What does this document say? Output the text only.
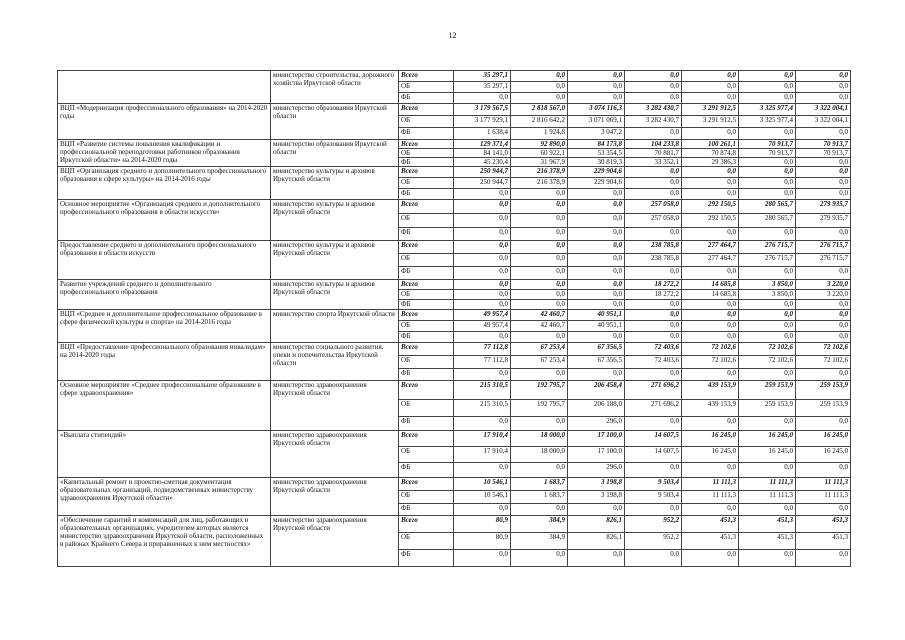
12
	министерство строительства, дорожного хозяйства Иркутской области	Всего	35 297,1	0,0	0,0	0,0	0,0	0,0	0,0
		ОБ	35 297,1	0,0	0,0	0,0	0,0	0,0	0,0
		ФБ	0,0	0,0	0,0	0,0	0,0	0,0	0,0
ВЦП «Модернизация профессионального образования» на 2014-2020 годы	министерство образования Иркутской области	Всего	3 179 567,5	2 818 567,0	3 074 116,3	3 282 430,7	3 291 912,5	3 325 977,4	3 322 004,1
		ОБ	3 177 929,1	2 816 642,2	3 071 069,1	3 282 430,7	3 291 912,5	3 325 977,4	3 322 004,1
		ФБ	1 638,4	1 924,8	3 047,2	0,0	0,0	0,0	0,0
ВЦП «Развитие системы повышения квалификации и профессиональной переподготовки работников образования Иркутской области» на 2014-2020 годы	министерство образования Иркутской области	Всего	129 371,4	92 890,0	84 173,8	104 233,8	100 261,1	70 913,7	70 913,7
		ОБ	84 141,0	60 922,1	53 354,5	70 881,7	70 874,8	70 913,7	70 913,7
		ФБ	45 230,4	31 967,9	30 819,3	33 352,1	29 386,3	0,0	0,0
ВЦП «Организация среднего и дополнительного профессионального образования в сфере культуры» на 2014-2016 годы	министерство культуры и архивов Иркутской области	Всего	250 944,7	216 378,9	229 904,6	0,0	0,0	0,0	0,0
		ОБ	250 944,7	216 378,9	229 904,6	0,0	0,0	0,0	0,0
		ФБ	0,0	0,0	0,0	0,0	0,0	0,0	0,0
Основное мероприятие «Организация среднего и дополнительного профессионального образования в области искусств»	министерство культуры и архивов Иркутской области	Всего	0,0	0,0	0,0	257 058,0	292 150,5	280 565,7	279 935,7
		ОБ	0,0	0,0	0,0	257 058,0	292 150,5	280 565,7	279 935,7
		ФБ	0,0	0,0	0,0	0,0	0,0	0,0	0,0
Предоставление среднего и дополнительного профессионального образования в области искусств	министерство культуры и архивов Иркутской области	Всего	0,0	0,0	0,0	238 785,8	277 464,7	276 715,7	276 715,7
		ОБ	0,0	0,0	0,0	238 785,8	277 464,7	276 715,7	276 715,7
		ФБ	0,0	0,0	0,0	0,0	0,0	0,0	0,0
Развитие учреждений среднего и дополнительного профессионального образования	министерство культуры и архивов Иркутской области	Всего	0,0	0,0	0,0	18 272,2	14 685,8	3 850,0	3 220,0
		ОБ	0,0	0,0	0,0	18 272,2	14 685,8	3 850,0	3 220,0
		ФБ	0,0	0,0	0,0	0,0	0,0	0,0	0,0
ВЦП «Среднее и дополнительное профессиональное образование в сфере физической культуры и спорта» на 2014-2016 годы	министерство спорта Иркутской области	Всего	49 957,4	42 460,7	40 951,1	0,0	0,0	0,0	0,0
		ОБ	49 957,4	42 460,7	40 951,1	0,0	0,0	0,0	0,0
		ФБ	0,0	0,0	0,0	0,0	0,0	0,0	0,0
ВЦП «Предоставление профессионального образования инвалидам» на 2014-2020 годы	министерство социального развития, опеки и попечительства Иркутской области	Всего	77 112,8	67 253,4	67 356,5	72 403,6	72 102,6	72 102,6	72 102,6
		ОБ	77 112,8	67 253,4	67 356,5	72 403,6	72 102,6	72 102,6	72 102,6
		ФБ	0,0	0,0	0,0	0,0	0,0	0,0	0,0
Основное мероприятие «Среднее профессиональное образование в сфере здравоохранения»	министерство здравоохранения Иркутской области	Всего	215 310,5	192 795,7	206 458,4	271 696,2	439 153,9	259 153,9	259 153,9
		ОБ	215 310,5	192 795,7	206 188,0	271 696,2	439 153,9	259 153,9	259 153,9
		ФБ	0,0	0,0	296,0	0,0	0,0	0,0	0,0
«Выплата стипендий»	министерство здравоохранения Иркутской области	Всего	17 910,4	18 000,0	17 100,0	14 607,5	16 245,0	16 245,0	16 245,0
		ОБ	17 910,4	18 000,0	17 100,0	14 607,5	16 245,0	16 245,0	16 245,0
		ФБ	0,0	0,0	296,0	0,0	0,0	0,0	0,0
«Капитальный ремонт и проектно-сметная документация образовательных организаций, подведомственных министерству здравоохранения Иркутской области»	министерство здравоохранения Иркутской области	Всего	10 546,1	1 683,7	3 198,8	9 503,4	11 111,3	11 111,3	11 111,3
		ОБ	10 546,1	1 683,7	3 198,8	9 503,4	11 111,3	11 111,3	11 111,3
		ФБ	0,0	0,0	0,0	0,0	0,0	0,0	0,0
«Обеспечение гарантий и компенсаций для лиц, работающих в образовательных организациях, учредителем которых является министерство здравоохранения Иркутской области, расположенных в районах Крайнего Севера и приравненных к ним местностях»	министерство здравоохранения Иркутской области	Всего	80,9	384,9	826,1	952,2	451,3	451,3	451,3
		ОБ	80,9	384,9	826,1	952,2	451,3	451,3	451,3
		ФБ	0,0	0,0	0,0	0,0	0,0	0,0	0,0
